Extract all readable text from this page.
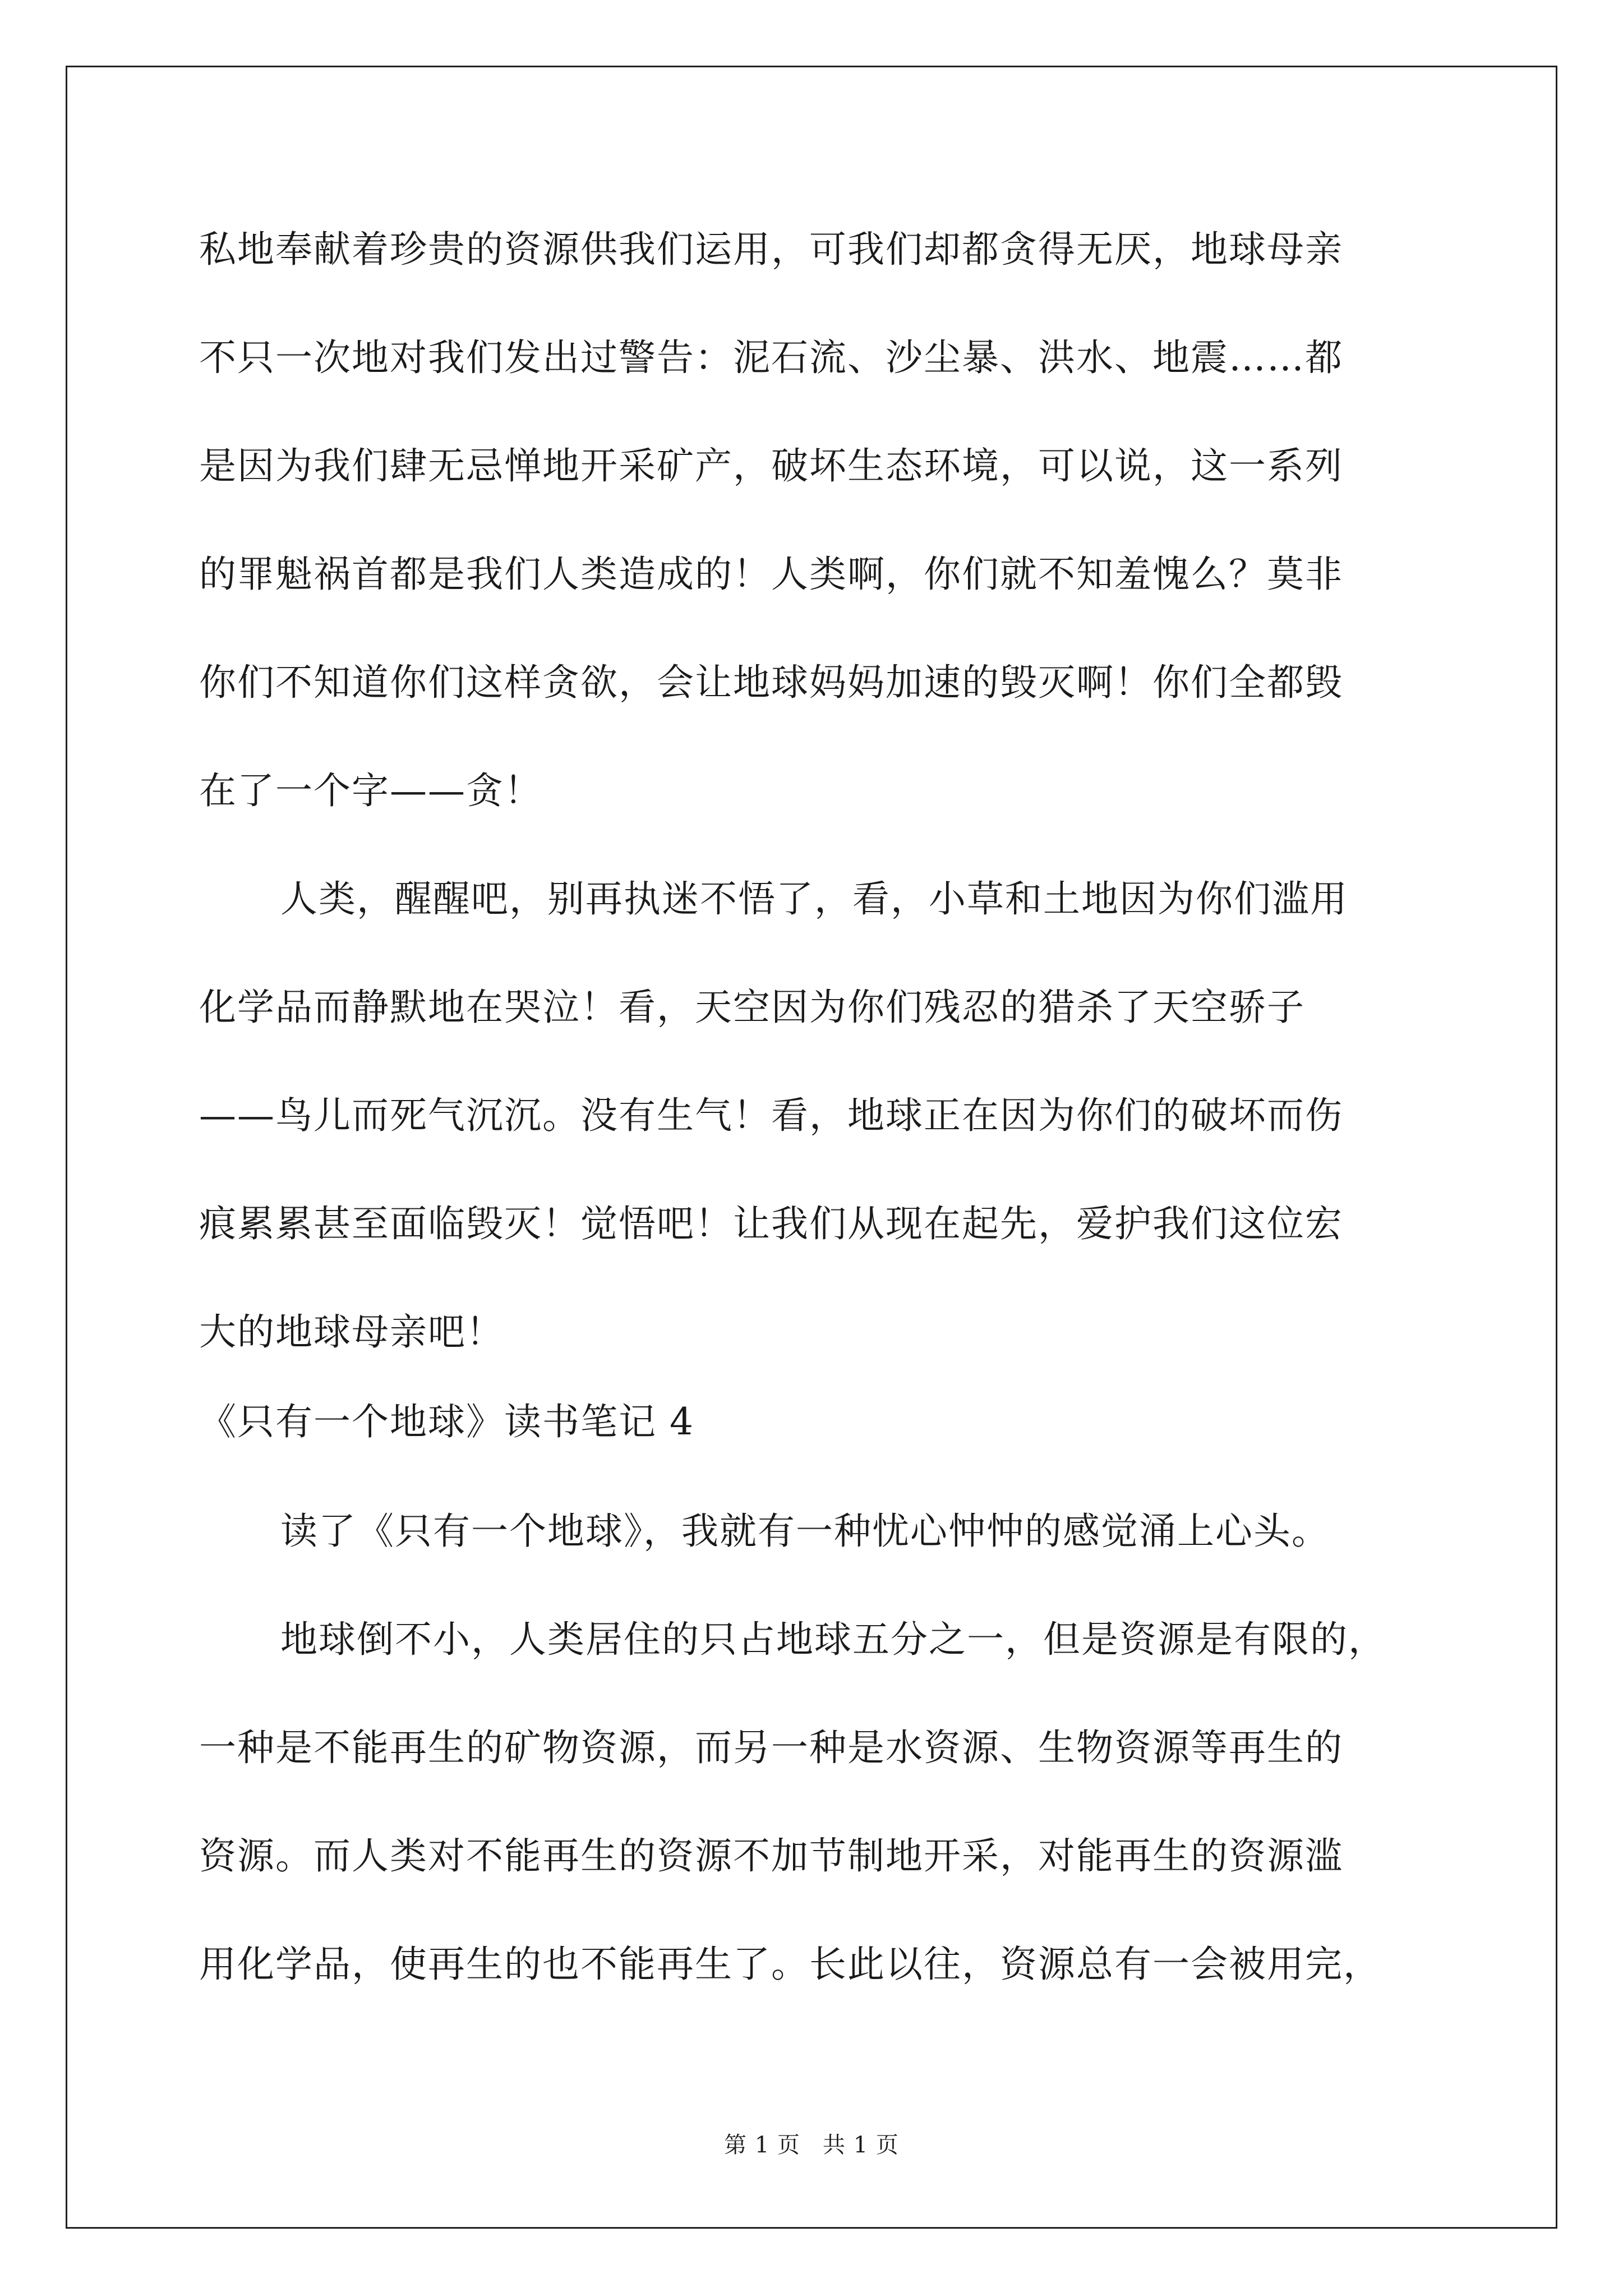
私地奉献着珍贵的资源供我们运用，可我们却都贪得无厌，地球母亲
不只一次地对我们发出过警告：泥石流、沙尘暴、洪水、地震……都
是因为我们肆无忌惮地开采矿产，破坏生态环境，可以说，这一系列
的罪魁祸首都是我们人类造成的！人类啊，你们就不知羞愧么？莫非
你们不知道你们这样贪欲，会让地球妈妈加速的毁灭啊！你们全都毁
在了一个字——贪！
人类，醒醒吧，别再执迷不悟了，看，小草和土地因为你们滥用
化学品而静默地在哭泣！看，天空因为你们残忍的猎杀了天空骄子
——鸟儿而死气沉沉。没有生气！看，地球正在因为你们的破坏而伤
痕累累甚至面临毁灭！觉悟吧！让我们从现在起先，爱护我们这位宏
大的地球母亲吧！
《只有一个地球》读书笔记 4
读了《只有一个地球》，我就有一种忧心忡忡的感觉涌上心头。
地球倒不小，人类居住的只占地球五分之一，但是资源是有限的，
一种是不能再生的矿物资源，而另一种是水资源、生物资源等再生的
资源。而人类对不能再生的资源不加节制地开采，对能再生的资源滥
用化学品，使再生的也不能再生了。长此以往，资源总有一会被用完，
第 1 页 共 1 页
